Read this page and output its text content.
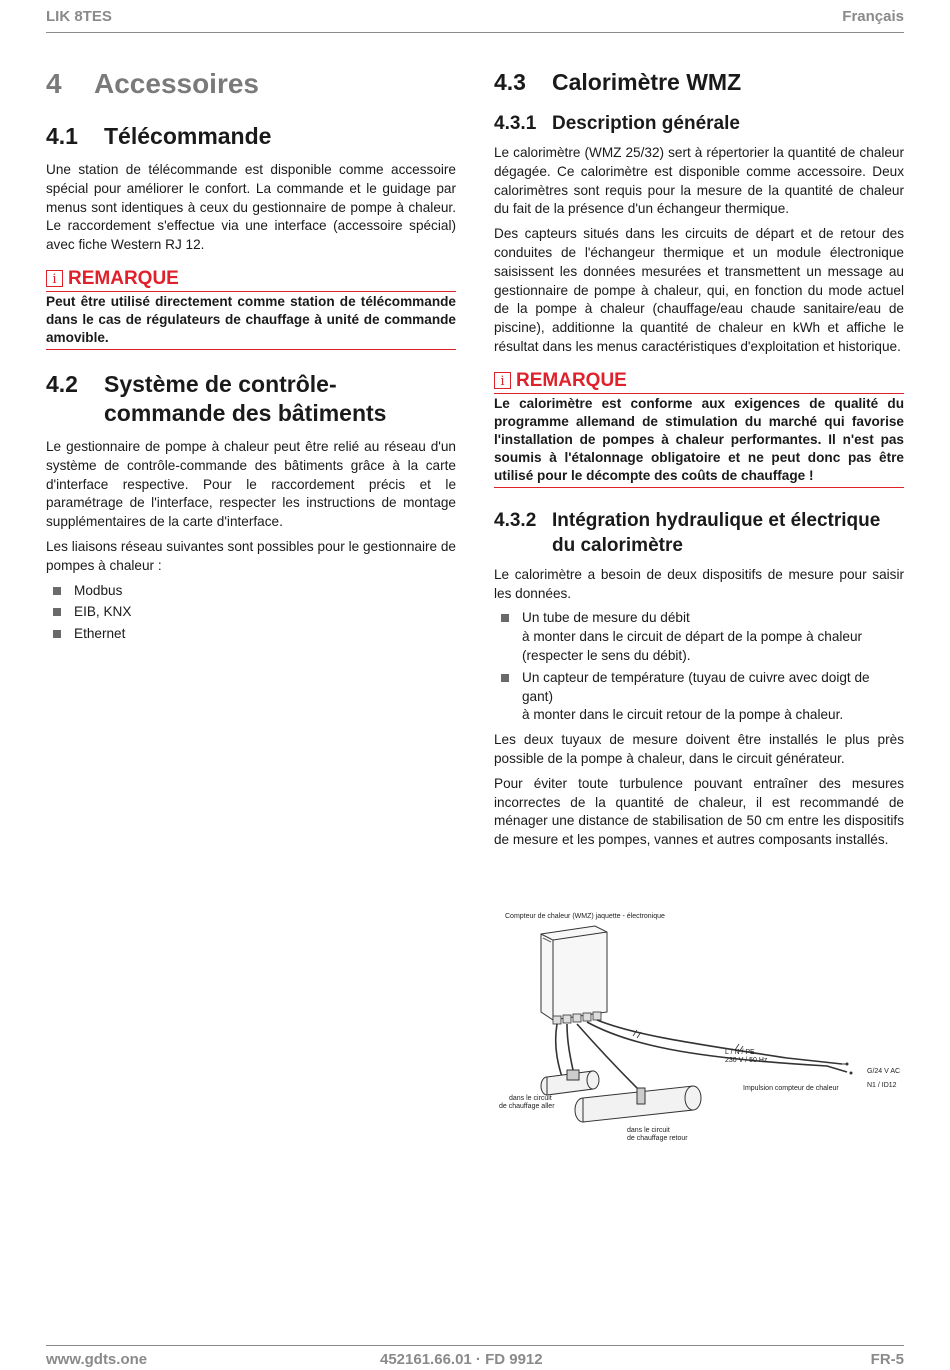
LIK 8TES	Français
4 Accessoires
4.1	Télécommande

Une station de télécommande est disponible comme accessoire spécial pour améliorer le confort. La commande et le guidage par menus sont identiques à ceux du gestionnaire de pompe à chaleur. Le raccordement s'effectue via une interface (accessoire spécial) avec fiche Western RJ 12.

i REMARQUE
Peut être utilisé directement comme station de télécommande dans le cas de régulateurs de chauffage à unité de commande amovible.
4.2	Système de contrôle-commande des bâtiments

Le gestionnaire de pompe à chaleur peut être relié au réseau d'un système de contrôle-commande des bâtiments grâce à la carte d'interface respective. Pour le raccordement précis et le paramétrage de l'interface, respecter les instructions de montage supplémentaires de la carte d'interface.

Les liaisons réseau suivantes sont possibles pour le gestionnaire de pompes à chaleur :

Modbus
EIB, KNX
Ethernet
4.3	Calorimètre WMZ
4.3.1 Description générale

Le calorimètre (WMZ 25/32) sert à répertorier la quantité de chaleur dégagée. Ce calorimètre est disponible comme accessoire. Deux calorimètres sont requis pour la mesure de la quantité de chaleur du fait de la présence d'un échangeur thermique.

Des capteurs situés dans les circuits de départ et de retour des conduites de l'échangeur thermique et un module électronique saisissent les données mesurées et transmettent un message au gestionnaire de pompe à chaleur, qui, en fonction du mode actuel de la pompe à chaleur (chauffage/eau chaude sanitaire/eau de piscine), additionne la quantité de chaleur en kWh et affiche le résultat dans les menus caractéristiques d'exploitation et historique.

i REMARQUE
Le calorimètre est conforme aux exigences de qualité du programme allemand de stimulation du marché qui favorise l'installation de pompes à chaleur performantes. Il n'est pas soumis à l'étalonnage obligatoire et ne peut donc pas être utilisé pour le décompte des coûts de chauffage !
4.3.2 Intégration hydraulique et électrique du calorimètre

Le calorimètre a besoin de deux dispositifs de mesure pour saisir les données.

Un tube de mesure du débit
à monter dans le circuit de départ de la pompe à chaleur (respecter le sens du débit).
Un capteur de température (tuyau de cuivre avec doigt de gant)
à monter dans le circuit retour de la pompe à chaleur.

Les deux tuyaux de mesure doivent être installés le plus près possible de la pompe à chaleur, dans le circuit générateur.

Pour éviter toute turbulence pouvant entraîner des mesures incorrectes de la quantité de chaleur, il est recommandé de ménager une distance de stabilisation de 50 cm entre les dispositifs de mesure et les pompes, vannes et autres composants installés.

Compteur de chaleur (WMZ) jaquette - électronique
L / N / PE
230 V / 50 Hz
G/24 V AC
N1 / ID12
Impulsion compteur de chaleur
dans le circuit
de chauffage aller
dans le circuit
de chauffage retour
www.gdts.one	452161.66.01 · FD 9912	FR-5
